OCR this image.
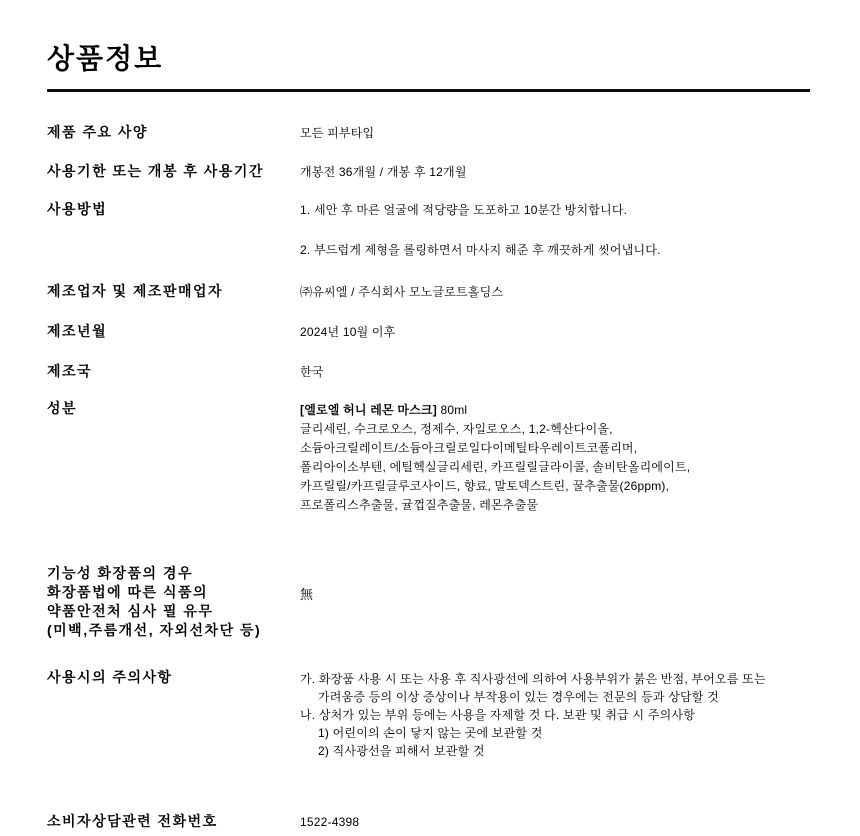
상품정보
제품 주요 사양	모든 피부타입
사용기한 또는 개봉 후 사용기간	개봉전 36개월 / 개봉 후 12개월
사용방법	1. 세안 후 마른 얼굴에 적당량을 도포하고 10분간 방치합니다.
2. 부드럽게 제형을 롤링하면서 마사지 해준 후 깨끗하게 씻어냅니다.
제조업자 및 제조판매업자	㈜유씨엘 / 주식회사 모노글로트홀딩스
제조년월	2024년 10월 이후
제조국	한국
성분	[엘로엘 허니 레몬 마스크] 80ml
글리세린, 수크로오스, 정제수, 자일로오스, 1,2-헥산다이올,
소듐아크릴레이트/소듐아크릴로일다이메틸타우레이트코폴리머,
폴리아이소부텐, 에틸헥실글리세린, 카프릴릴글라이콜, 솔비탄올리에이트,
카프릴릴/카프릴글루코사이드, 향료, 말토덱스트린, 꿀추출물(26ppm),
프로폴리스추출물, 귤껍질추출물, 레몬추출물
기능성 화장품의 경우
화장품법에 따른 식품의
약품안전처 심사 필 유무
(미백,주름개선, 자외선차단 등)
無
사용시의 주의사항	가. 화장품 사용 시 또는 사용 후 직사광선에 의하여 사용부위가 붉은 반점, 부어오름 또는
가려움증 등의 이상 증상이나 부작용이 있는 경우에는 전문의 등과 상담할 것
나. 상처가 있는 부위 등에는 사용을 자제할 것 다. 보관 및 취급 시 주의사항
1) 어린이의 손이 닿지 않는 곳에 보관할 것
2) 직사광선을 피해서 보관할 것
소비자상담관련 전화번호	1522-4398
